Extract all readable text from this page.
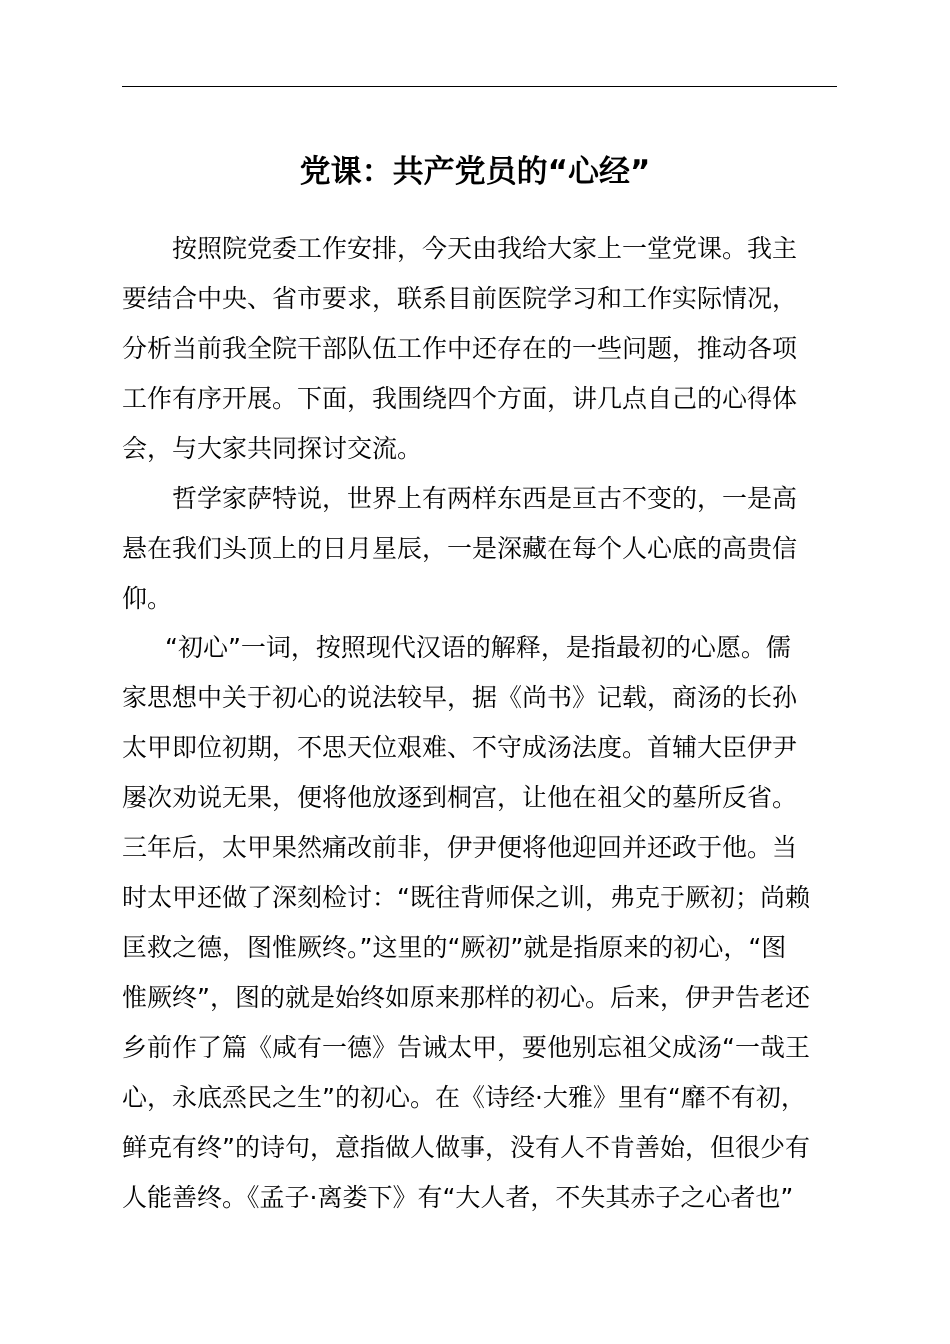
党课：共产党员的“心经”
按照院党委工作安排，今天由我给大家上一堂党课。我主
要结合中央、省市要求，联系目前医院学习和工作实际情况，
分析当前我全院干部队伍工作中还存在的一些问题，推动各项
工作有序开展。下面，我围绕四个方面，讲几点自己的心得体
会，与大家共同探讨交流。
哲学家萨特说，世界上有两样东西是亘古不变的，一是高
悬在我们头顶上的日月星辰，一是深藏在每个人心底的高贵信
仰。
“初心”一词，按照现代汉语的解释，是指最初的心愿。儒
家思想中关于初心的说法较早，据《尚书》记载，商汤的长孙
太甲即位初期，不思天位艰难、不守成汤法度。首辅大臣伊尹
屡次劝说无果，便将他放逐到桐宫，让他在祖父的墓所反省。
三年后，太甲果然痛改前非，伊尹便将他迎回并还政于他。当
时太甲还做了深刻检讨：“既往背师保之训，弗克于厥初；尚赖
匡救之德，图惟厥终。”这里的“厥初”就是指原来的初心，“图
惟厥终”，图的就是始终如原来那样的初心。后来，伊尹告老还
乡前作了篇《咸有一德》告诫太甲，要他别忘祖父成汤“一哉王
心，永底烝民之生”的初心。在《诗经·大雅》里有“靡不有初，
鲜克有终”的诗句，意指做人做事，没有人不肯善始，但很少有
人能善终。《孟子·离娄下》有“大人者，不失其赤子之心者也”
